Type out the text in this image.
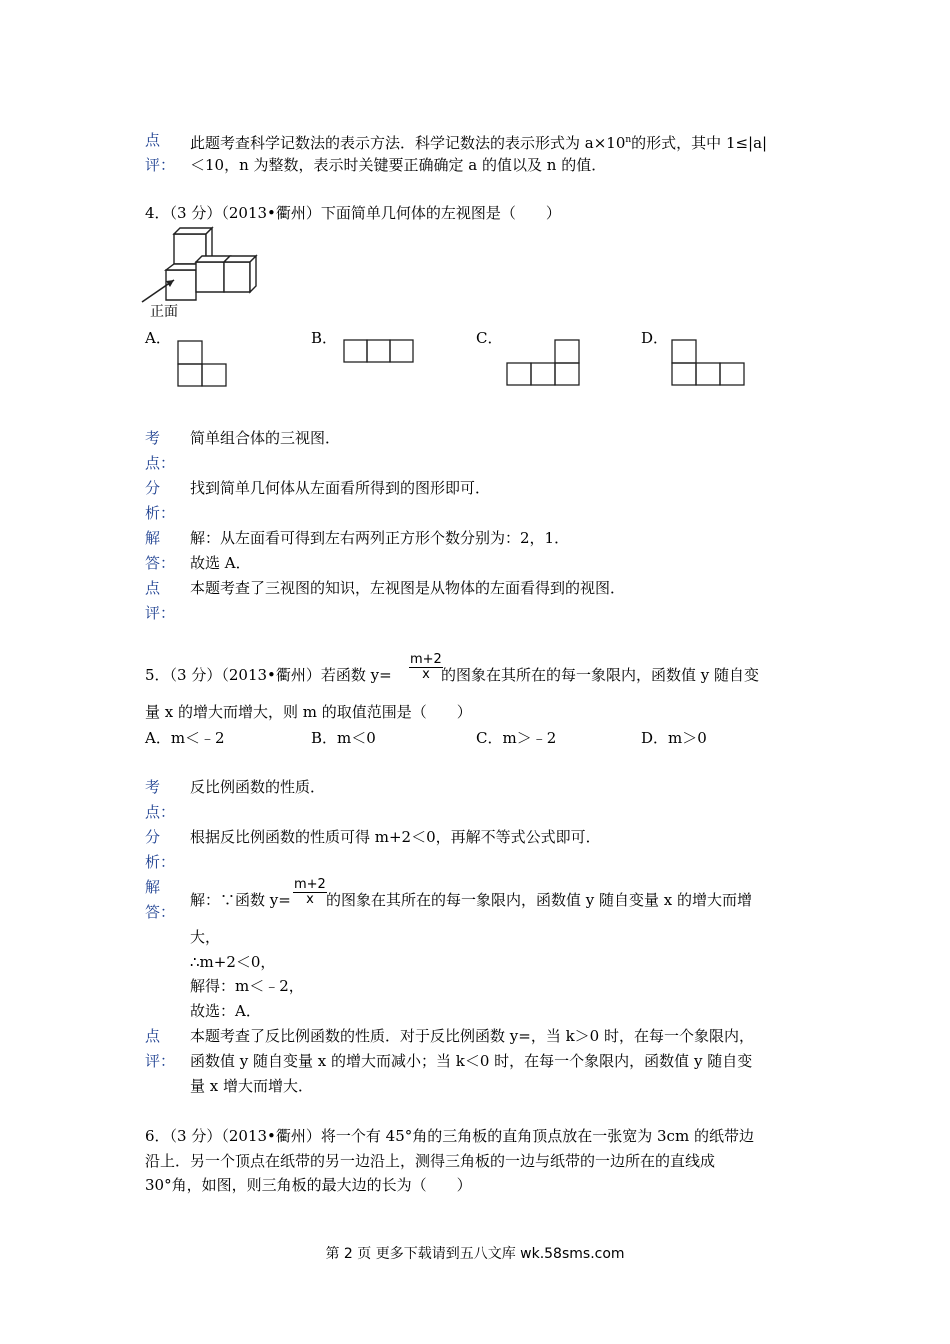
点
评：
此题考查科学记数法的表示方法．科学记数法的表示形式为 $a\times 10^n$的形式，其中 1≤|a|
＜10，n 为整数，表示时关键要正确确定 a 的值以及 n 的值．
4．（3 分）（2013•衢州）下面简单几何体的左视图是（　　）
正面
A．	B．	C．	D．
考
点：
简单组合体的三视图．
分
析：
找到简单几何体从左面看所得到的图形即可．
解
答：
解：从左面看可得到左右两列正方形个数分别为：2，1．
故选 A．
点
评：
本题考查了三视图的知识，左视图是从物体的左面看得到的视图．
5．（3 分）（2013•衢州）若函数 $y= \frac{m+2}{x}$
的图象在其所在的每一象限内，函数值 y 随自变
量 x 的增大而增大，则 m 的取值范围是（　　）
A．m＜﹣2	B．m＜0	C．m＞﹣2	D．m＞0
考
点：
反比例函数的性质．
分
析：
根据反比例函数的性质可得 m+2＜0，再解不等式公式即可．
解
答：
解：∵函数 $y= \frac{m+2}{x}$ 的图象在其所在的每一象限内，函数值 y 随自变量 x 的增大而增
大，
∴m+2＜0，
解得：m＜﹣2，
故选：A．
点
评：
本题考查了反比例函数的性质．对于反比例函数 y=，当 k＞0 时，在每一个象限内，
函数值 y 随自变量 x 的增大而减小；当 k＜0 时，在每一个象限内，函数值 y 随自变
量 x 增大而增大．
6．（3 分）（2013•衢州）将一个有 45°角的三角板的直角顶点放在一张宽为 3cm 的纸带边
沿上．另一个顶点在纸带的另一边沿上，测得三角板的一边与纸带的一边所在的直线成
30°角，如图，则三角板的最大边的长为（　　）
第 2 页 更多下载请到五八文库 wk.58sms.com
